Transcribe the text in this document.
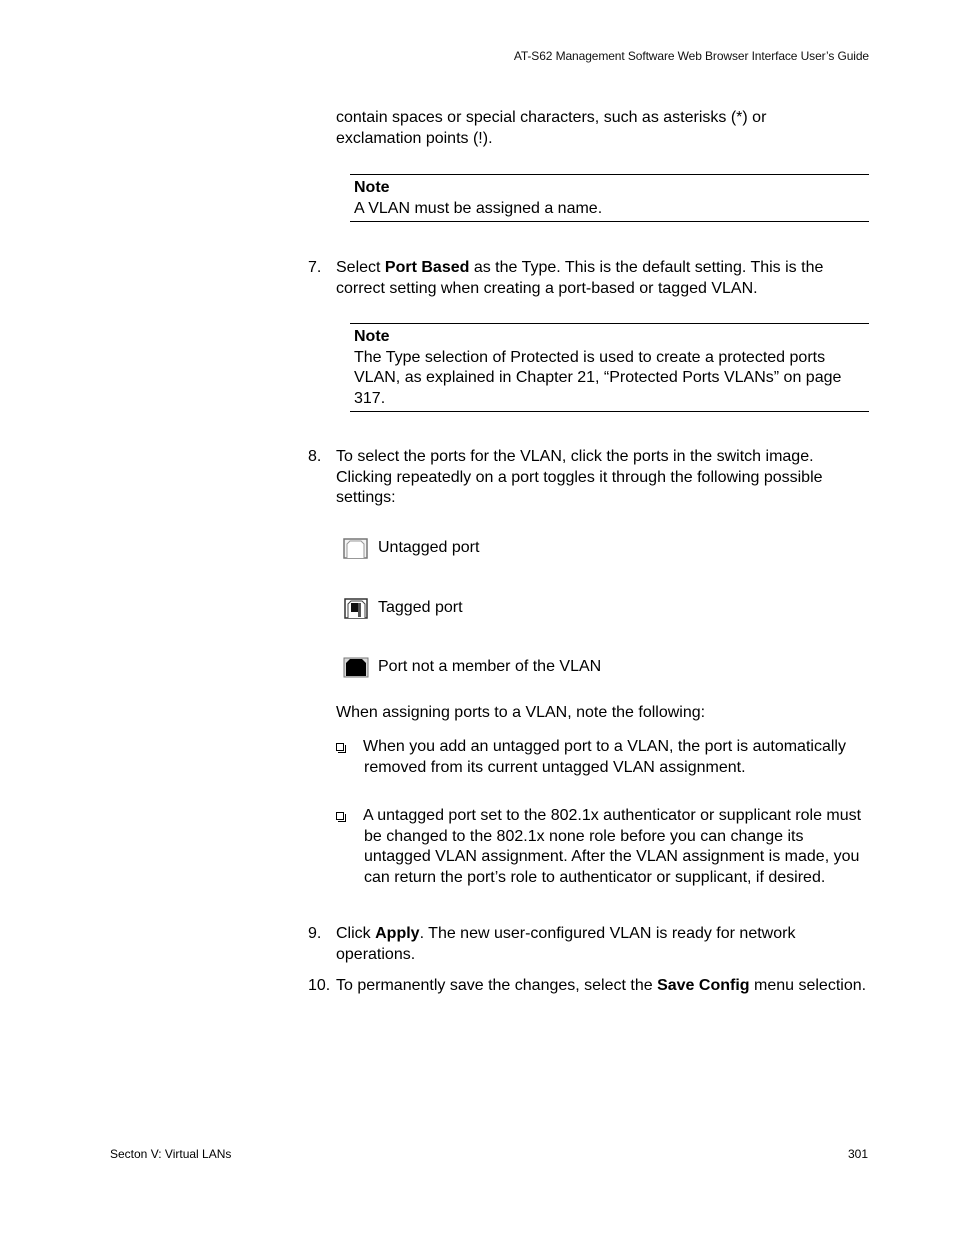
AT-S62 Management Software Web Browser Interface User’s Guide
contain spaces or special characters, such as asterisks (*) or
exclamation points (!).
Note
A VLAN must be assigned a name.
7. Select Port Based as the Type. This is the default setting. This is the correct setting when creating a port-based or tagged VLAN.
Note
The Type selection of Protected is used to create a protected ports VLAN, as explained in Chapter 21, “Protected Ports VLANs” on page 317.
8. To select the ports for the VLAN, click the ports in the switch image. Clicking repeatedly on a port toggles it through the following possible settings:
Untagged port
Tagged port
Port not a member of the VLAN
When assigning ports to a VLAN, note the following:
When you add an untagged port to a VLAN, the port is automatically removed from its current untagged VLAN assignment.
A untagged port set to the 802.1x authenticator or supplicant role must be changed to the 802.1x none role before you can change its untagged VLAN assignment. After the VLAN assignment is made, you can return the port’s role to authenticator or supplicant, if desired.
9. Click Apply. The new user-configured VLAN is ready for network operations.
10. To permanently save the changes, select the Save Config menu selection.
Secton V: Virtual LANs	301
